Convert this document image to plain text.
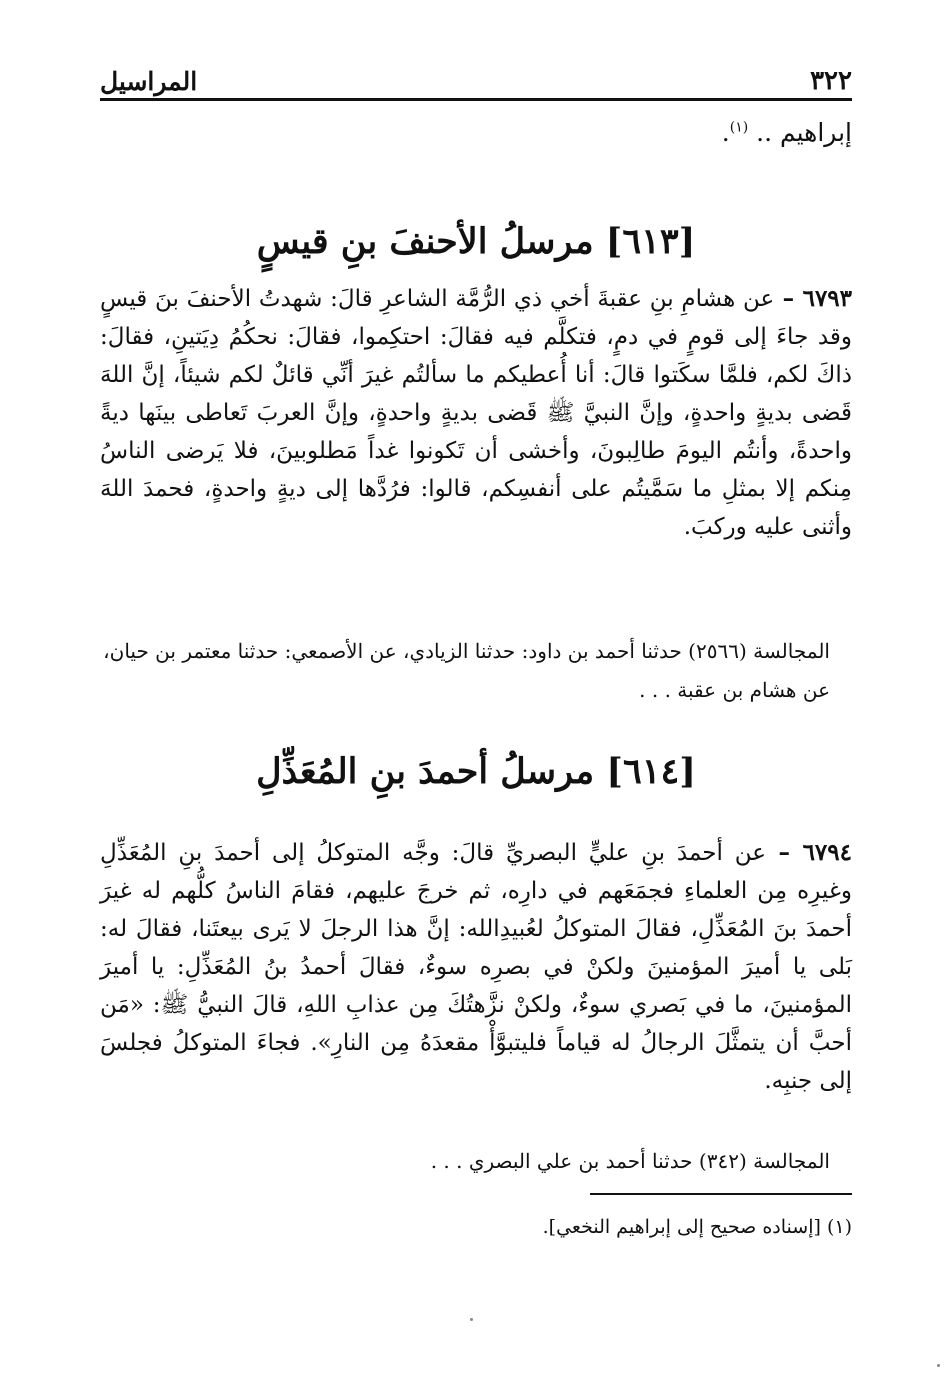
٣٢٢
المراسيل
إبراهيم .. $^{(١)}$.
[٦١٣] مرسلُ الأحنفَ بنِ قيسٍ
٦٧٩٣ – عن هشامِ بنِ عقبةَ أخي ذي الرُّمَّة الشاعرِ قالَ: شهدتُ الأحنفَ بنَ قيسٍ وقد جاءَ إلى قومٍ في دمٍ، فتكلَّم فيه فقالَ: احتكِموا، فقالَ: نحكُمُ دِيَتينِ، فقالَ: ذاكَ لكم، فلمَّا سكَتوا قالَ: أنا أُعطيكم ما سألتُم غيرَ أنِّي قائلٌ لكم شيئاً، إنَّ اللهَ قَضى بديةٍ واحدةٍ، وإنَّ النبيَّ ﷺ قَضى بديةٍ واحدةٍ، وإنَّ العربَ تَعاطى بينَها ديةً واحدةً، وأنتُم اليومَ طالِبونَ، وأخشى أن تَكونوا غداً مَطلوبينَ، فلا يَرضى الناسُ مِنكم إلا بمثلِ ما سَمَّيتُم على أنفسِكم، قالوا: فرُدَّها إلى ديةٍ واحدةٍ، فحمدَ اللهَ وأثنى عليه وركبَ.
المجالسة (٢٥٦٦) حدثنا أحمد بن داود: حدثنا الزيادي، عن الأصمعي: حدثنا معتمر بن حيان، عن هشام بن عقبة . . .
[٦١٤] مرسلُ أحمدَ بنِ المُعَذِّلِ
٦٧٩٤ – عن أحمدَ بنِ عليٍّ البصريِّ قالَ: وجَّه المتوكلُ إلى أحمدَ بنِ المُعَذِّلِ وغيرِه مِن العلماءِ فجمَعَهم في دارِه، ثم خرجَ عليهم، فقامَ الناسُ كلُّهم له غيرَ أحمدَ بنَ المُعَذِّلِ، فقالَ المتوكلُ لعُبيدِالله: إنَّ هذا الرجلَ لا يَرى بيعتَنا، فقالَ له: بَلى يا أميرَ المؤمنينَ ولكنْ في بصرِه سوءٌ، فقالَ أحمدُ بنُ المُعَذِّلِ: يا أميرَ المؤمنينَ، ما في بَصري سوءٌ، ولكنْ نزَّهتُكَ مِن عذابِ اللهِ، قالَ النبيُّ ﷺ: «مَن أحبَّ أن يتمثَّلَ الرجالُ له قياماً فليتبوَّأْ مقعدَهُ مِن النارِ». فجاءَ المتوكلُ فجلسَ إلى جنبِه.
المجالسة (٣٤٢) حدثنا أحمد بن علي البصري . . .
(١) [إسناده صحيح إلى إبراهيم النخعي].
